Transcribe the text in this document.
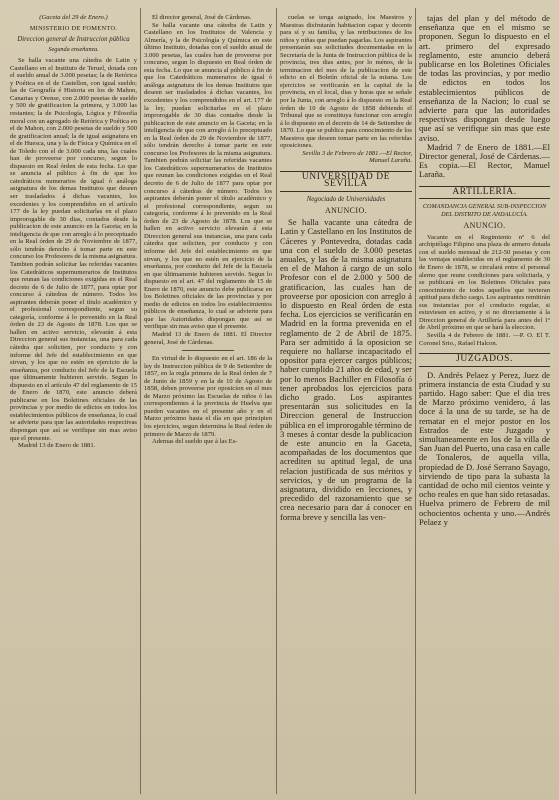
(Gaceta del 29 de Enero.)
MINISTERIO DE FOMENTO.
Direccion general de Instruccion pública
Segunda enseñanza.

Se halla vacante una cátedra de Latin y Castellano en el Instituto de Teruel, dotada con el sueldo anual de 3.000 pesetas; la de Retórica y Poética en el de Castellon, con igual sueldo; las de Geografía é Historia en los de Mahon, Canarias y Orense, con 2.000 pesetas de sueldo y 500 de gratificacion la primera, y 3.000 las restantes; la de Psicología, Lógica y Filosofía moral con un agregado de Retórica y Poética en el de Mahon, con 2.000 pesetas de sueldo y 500 de gratificacion anual; la de igual asignatura en el de Huesca, una y la de Física y Química en el de Toledo con el de 3.000 cada una, las cuales han de proveerse por concurso, segun lo dispuesto en Real órden de esta fecha. Lo que se anuncia al público á fin de que los catedráticos numerarios de igual ó análoga asignatura de los demas Institutos que deseen ser trasladados á dichas vacantes, los excedentes y los comprendidos en el artículo 177 de la ley puedan solicitarlas en el plazo improrogable de 30 dias, contados desde la publicacion de este anuncio en la Gaceta; en la inteligencia de que con arreglo á lo preceptuado en la Real órden de 29 de Noviembre de 1877, sólo tendrán derecho á tomar parte en este concurso los Profesores de la misma asignatura. Tambien podrán solicitar las referidas vacantes los Catedráticos supernumerarios de Institutos que reunan las condiciones exigidas en el Real decreto de 6 de Julio de 1877, para optar por concurso á cátedras de número. Todos los aspirantes deberán poner el título académico y el profesional correspondiente, segun su categoría, conforme á lo prevenido en la Real órden de 23 de Agosto de 1878. Los que se hallen en activo servicio, elevarán á esta Direccion general sus instancias, una para cada cátedra que soliciten, por conducto y con informe del Jefe del establecimiento en que sirvan, y los que no estén en ejercicio de la enseñanza, por conducto del Jefe de la Escuela que últimamente hubieren servido. Segun lo dispuesto en el artículo 47 del reglamento de 15 de Enero de 1870, este anuncio deberá publicarse en los Boletines oficiales de las provincias y por medio de edictos en todos los establecimientos públicos de enseñanza, lo cual se advierte para que las autoridades respectivas dispongan que así se verifique sin mas aviso que el presente.

Madrid 13 de Enero de 1881.

El director general, José de Cárdenas.

Se halla vacante una cátedra de Latin y Castellano en los Institutos de Valencia y Almería, y la de Psicología y Química en este último Instituto, dotadas con el sueldo anual de 3.000 pesetas, las cuales han de proveerse por concurso, segun lo dispuesto en Real órden de esta fecha. Lo que se anuncia al público á fin de que los Catedráticos numerarios de igual ó análoga asignatura de los demas Institutos que deseen ser trasladados á dichas vacantes, los excedentes y los comprendidos en el art. 177 de la ley, puedan solicitarlas en el plazo improrogable de 30 dias contados desde la publicacion de este anuncio en la Gaceta; en la inteligencia de que con arreglo á lo preceptuado en la Real órden de 29 de Noviembre de 1877, sólo tendrán derecho á tomar parte en este concurso los Profesores de la misma asignatura. Tambien podrán solicitar las referidas vacantes los Catedráticos supernumerarios de Institutos que reunan las condiciones exigidas en el Real decreto de 6 de Julio de 1877 para optar por concurso á cátedras de número. Todos los aspirantes deberán poner el título académico y el profesional correspondiente, segun su categoría, conforme á lo prevenido en la Real órden de 23 de Agosto de 1878. Los que se hallen en activo servicio elevarán á esta Direccion general sus instancias, una para cada cátedra que soliciten, por conducto y con informe del Jefe del establecimiento en que sirvan, y los que no estén en ejercicio de la enseñanza, por conducto del Jefe de la Escuela en que últimamente hubieren servido. Segun lo dispuesto en el art. 47 del reglamento de 15 de Enero de 1870, este anuncio debe publicarse en los Boletines oficiales de las provincias y por medio de edictos en todos los establecimientos públicos de enseñanza, lo cual se advierte para que las Autoridades dispongan que así se verifique sin mas aviso que el presente.

Madrid 13 de Enero de 1881. El Director general, José de Cárdenas.

En virtud de lo dispuesto en el art. 186 de la ley de Instruccion pública de 9 de Setiembre de 1857, en la regla primera de la Real órden de 7 de Junio de 1859 y en la de 10 de Agosto de 1858, deben proveerse por oposicion en el mes de Marzo próximo las Escuelas de niños ó las correspondientes á la provincia de Huelva que pueden vacantes en el presente año y en el Marzo próximo hasta el día en que principien los ejercicios, segun determina la Real órden de primero de Marzo de 1879.

Ademas del sueldo que á las Es-

cuelas se tenga asignado, los Maestros y Maestras disfrutarán habitacion capaz y decente para sí y su familia, y las retribuciones de los niños y niñas que puedan pagarlas. Los aspirantes presentarán sus solicitudes documentadas en la Secretaría de la Junta de Instruccion pública de la provincia, tres dias antes, por lo ménos, de la terminacion del mes de la publicacion de este edicto en el Boletín oficial de la misma. Los ejercicios se verificarán en la capital de la provincia, en el local, dias y horas que se señale por la Junta, con arreglo á lo dispuesto en la Real órden de 10 de Agosto de 1858 debiendo el Tribunal que se constituya funcionar con arreglo á lo dispuesto en el decreto de 14 de Setiembre de 1870. Lo que se publica para conocimiento de los Maestros que deseen tomar parte en las referidas oposiciones.

Sevilla 3 de Febrero de 1881.—El Rector, Manuel Laraña.

UNIVERSIDAD DE SEVILLA
Negociado de Universidades
ANUNCIO.

Se halla vacante una cátedra de Latin y Castellano en los Institutos de Cáceres y Pontevedra, dotadas cada una con el sueldo de 3.000 pesetas anuales, y las de la misma asignatura en el de Mahon á cargo de un solo Profesor con el de 2.000 y 500 de gratificacion, las cuales han de proveerse por oposicion con arreglo á lo dispuesto en Real órden de esta fecha. Los ejercicios se verificarán en Madrid en la forma prevenida en el reglamento de 2 de Abril de 1875. Para ser admitido á la oposicion se requiere no hallarse incapacitado el opositor para ejercer cargos públicos; haber cumplido 21 años de edad, y ser por lo menos Bachiller en Filosofía ó tener aprobados los ejercicios para dicho grado. Los aspirantes presentarán sus solicitudes en la Direccion general de Instruccion pública en el improrogable término de 3 meses á contar desde la publicacion de este anuncio en la Gaceta, acompañadas de los documentos que acrediten su aptitud legal, de una relacion justificada de sus méritos y servicios, y de un programa de la asignatura, dividido en lecciones, y precedido del razonamiento que se crea necesario para dar á conocer en forma breve y sencilla las ven-

tajas del plan y del método de enseñanza que en el mismo se proponen. Segun lo dispuesto en el art. primero del expresado reglamento, este anuncio deberá publicarse en los Boletines Oficiales de todas las provincias, y por medio de edictos en todos los establecimientos públicos de enseñanza de la Nacion; lo cual se advierte para que las autoridades respectivas dispongan desde luego que así se verifique sin mas que este aviso.

Madrid 7 de Enero de 1881.—El Director general, José de Cárdenas.—Es copia.—El Rector, Manuel Laraña.

ARTILLERÍA.
COMANDANCIA GENERAL SUB-INSPECCION DEL DISTRITO DE ANDALUCÍA.
ANUNCIO.

Vacante en el Regimiento nº 6 del archipiélago Filipino una plaza de armero dotada con el sueldo mensual de 212-50 pesetas y con las ventajas establecidas en el reglamento de 30 de Enero de 1878, se circulará entre el personal alerno que reune condiciones para solicitarla, y se publicará en los Boletines Oficiales para conocimiento de todos aquellos que tuvieran aptitud para dicho cargo. Los aspirantes remitirán sus instancias por el conducto regular, si estuviesen en activo, y si no directamente á la Direccion general de Artillería para antes del 1º de Abril próximo en que se hará la eleccion.

Sevilla 4 de Febrero de 1881. —P. O. El T. Coronel Srio., Rafael Halcon.

JUZGADOS.

D. Andrés Pelaez y Perez, Juez de primera instancia de esta Ciudad y su partido. Hago saber: Que el dia tres de Marzo próximo venidero, á las doce á la una de su tarde, se ha de rematar en el mejor postor en los Estrados de este Juzgado y simultaneamente en los de la villa de San Juan del Puerto, una casa en calle de Tonaleros, de aquella villa, propiedad de D. José Serrano Sayago, sirviendo de tipo para la subasta la cantidad de ocho mil cientos veinte y ocho reales en que han sido retasadas. Huelva primero de Febrero de mil ochocientos ochenta y uno.—Andrés Pelaez y
